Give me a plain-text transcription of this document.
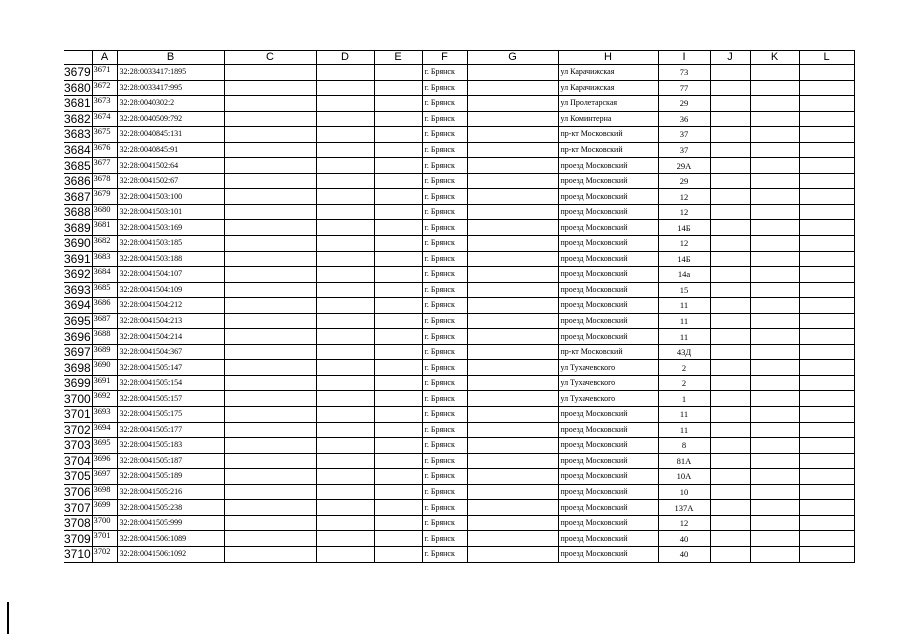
	A	B	C	D	E	F	G	H	I	J	K	L
3679	3671	32:28:0033417:1895				г. Брянск		ул Карачижская	73			
3680	3672	32:28:0033417:995				г. Брянск		ул Карачижская	77			
3681	3673	32:28:0040302:2				г. Брянск		ул Пролетарская	29			
3682	3674	32:28:0040509:792				г. Брянск		ул Коминтерна	36			
3683	3675	32:28:0040845:131				г. Брянск		пр-кт Московский	37			
3684	3676	32:28:0040845:91				г. Брянск		пр-кт Московский	37			
3685	3677	32:28:0041502:64				г. Брянск		проезд Московский	29А			
3686	3678	32:28:0041502:67				г. Брянск		проезд Московский	29			
3687	3679	32:28:0041503:100				г. Брянск		проезд Московский	12			
3688	3680	32:28:0041503:101				г. Брянск		проезд Московский	12			
3689	3681	32:28:0041503:169				г. Брянск		проезд Московский	14Б			
3690	3682	32:28:0041503:185				г. Брянск		проезд Московский	12			
3691	3683	32:28:0041503:188				г. Брянск		проезд Московский	14Б			
3692	3684	32:28:0041504:107				г. Брянск		проезд Московский	14а			
3693	3685	32:28:0041504:109				г. Брянск		проезд Московский	15			
3694	3686	32:28:0041504:212				г. Брянск		проезд Московский	11			
3695	3687	32:28:0041504:213				г. Брянск		проезд Московский	11			
3696	3688	32:28:0041504:214				г. Брянск		проезд Московский	11			
3697	3689	32:28:0041504:367				г. Брянск		пр-кт Московский	43Д			
3698	3690	32:28:0041505:147				г. Брянск		ул Тухачевского	2			
3699	3691	32:28:0041505:154				г. Брянск		ул Тухачевского	2			
3700	3692	32:28:0041505:157				г. Брянск		ул Тухачевского	1			
3701	3693	32:28:0041505:175				г. Брянск		проезд Московский	11			
3702	3694	32:28:0041505:177				г. Брянск		проезд Московский	11			
3703	3695	32:28:0041505:183				г. Брянск		проезд Московский	8			
3704	3696	32:28:0041505:187				г. Брянск		проезд Московский	81А			
3705	3697	32:28:0041505:189				г. Брянск		проезд Московский	10А			
3706	3698	32:28:0041505:216				г. Брянск		проезд Московский	10			
3707	3699	32:28:0041505:238				г. Брянск		проезд Московский	137А			
3708	3700	32:28:0041505:999				г. Брянск		проезд Московский	12			
3709	3701	32:28:0041506:1089				г. Брянск		проезд Московский	40			
3710	3702	32:28:0041506:1092				г. Брянск		проезд Московский	40			
